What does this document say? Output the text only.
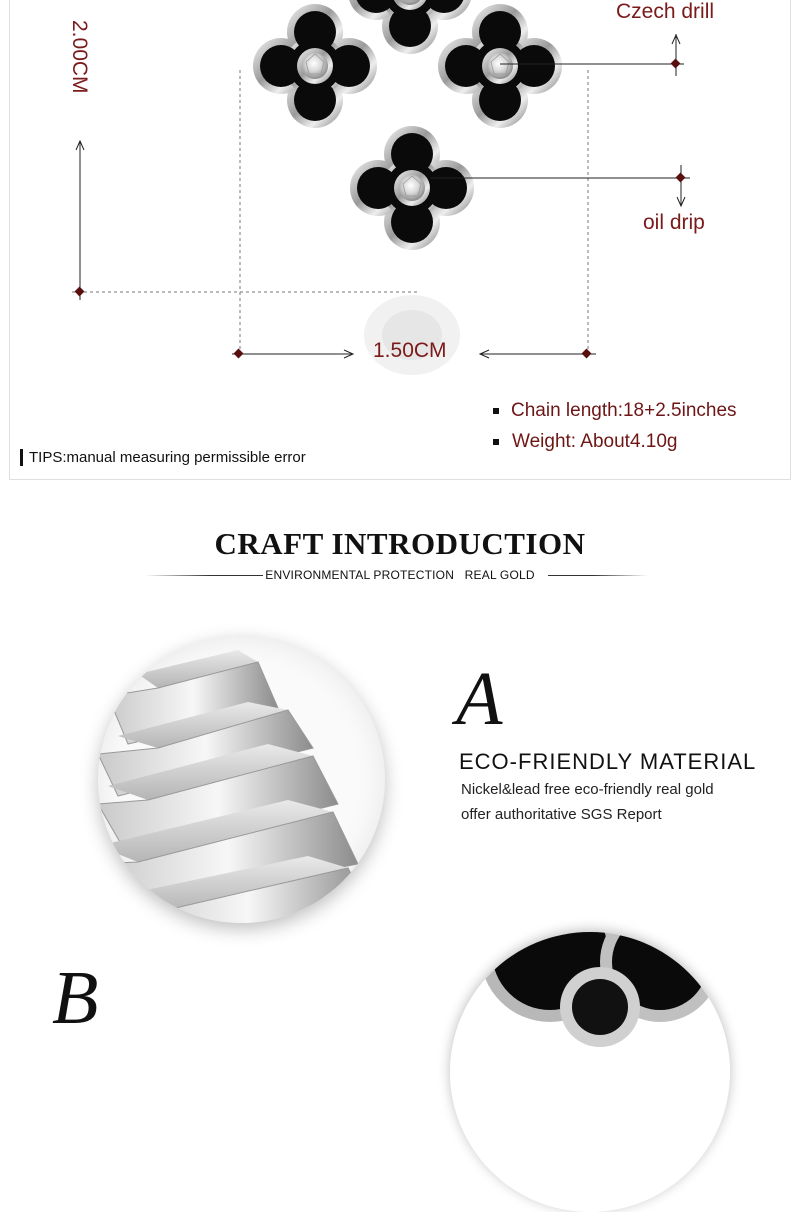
2.00CM
1.50CM
Czech drill
oil drip
Chain length:18+2.5inches
Weight: About4.10g
TIPS:manual measuring permissible error
CRAFT INTRODUCTION
ENVIRONMENTAL PROTECTION   REAL GOLD
A
ECO-FRIENDLY MATERIAL
Nickel&lead free eco-friendly real gold
offer authoritative SGS Report
B
